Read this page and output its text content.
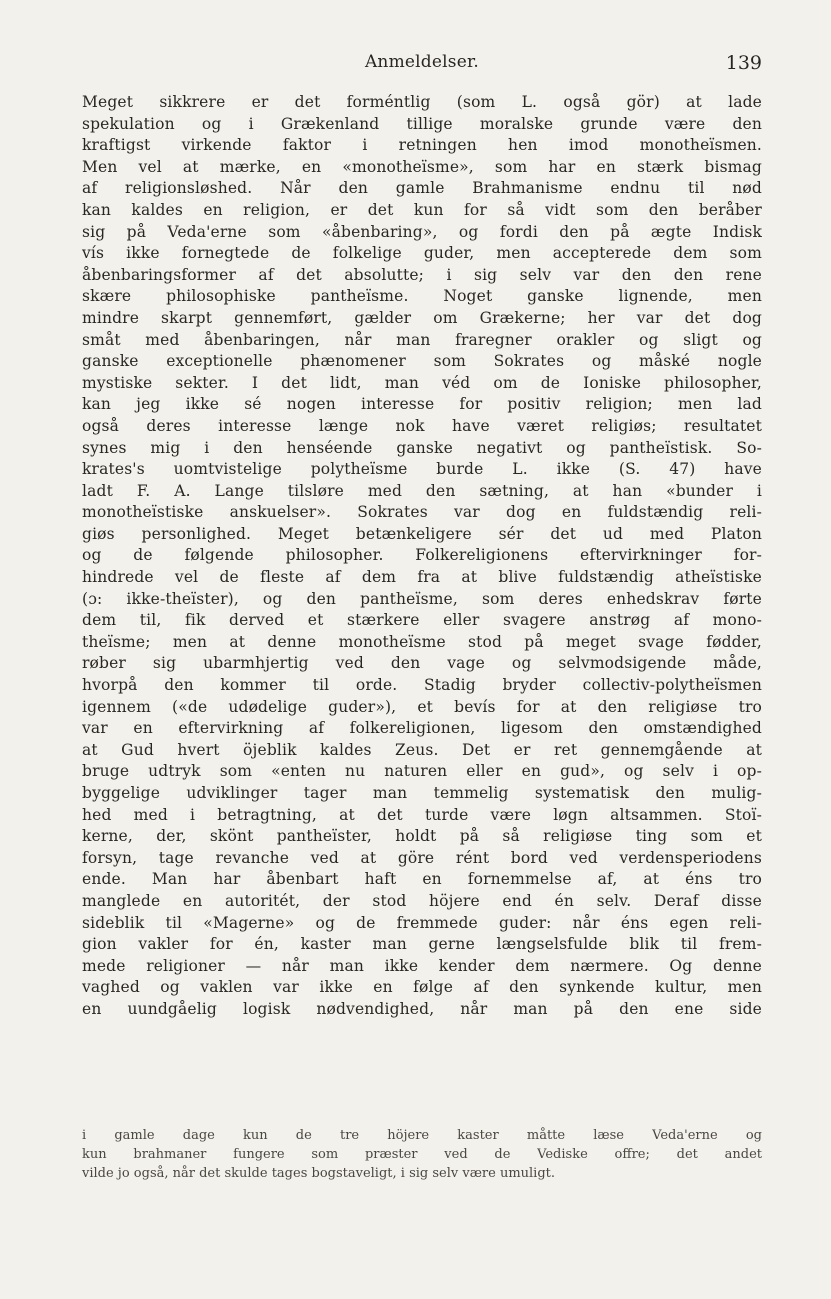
Anmeldelser.	139
Meget sikkrere er det forméntlig (som L. også gör) at lade
spekulation og i Grækenland tillige moralske grunde være den
kraftigst virkende faktor i retningen hen imod monotheïsmen.
Men vel at mærke, en «monotheïsme», som har en stærk bismag
af religionsløshed. Når den gamle Brahmanisme endnu til nød
kan kaldes en religion, er det kun for så vidt som den beråber
sig på Veda'erne som «åbenbaring», og fordi den på ægte Indisk
vís ikke fornegtede de folkelige guder, men accepterede dem som
åbenbaringsformer af det absolutte; i sig selv var den den rene
skære philosophiske pantheïsme. Noget ganske lignende, men
mindre skarpt gennemført, gælder om Grækerne; her var det dog
småt med åbenbaringen, når man fraregner orakler og sligt og
ganske exceptionelle phænomener som Sokrates og måské nogle
mystiske sekter. I det lidt, man véd om de Ioniske philosopher,
kan jeg ikke sé nogen interesse for positiv religion; men lad
også deres interesse længe nok have været religiøs; resultatet
synes mig i den henséende ganske negativt og pantheïstisk. So-
krates's uomtvistelige polytheïsme burde L. ikke (S. 47) have
ladt F. A. Lange tilsløre med den sætning, at han «bunder i
monotheïstiske anskuelser». Sokrates var dog en fuldstændig reli-
giøs personlighed. Meget betænkeligere sér det ud med Platon
og de følgende philosopher. Folkereligionens eftervirkninger for-
hindrede vel de fleste af dem fra at blive fuldstændig atheïstiske
(ɔ: ikke-theïster), og den pantheïsme, som deres enhedskrav førte
dem til, fik derved et stærkere eller svagere anstrøg af mono-
theïsme; men at denne monotheïsme stod på meget svage fødder,
røber sig ubarmhjertig ved den vage og selvmodsigende måde,
hvorpå den kommer til orde. Stadig bryder collectiv-polytheïsmen
igennem («de udødelige guder»), et bevís for at den religiøse tro
var en eftervirkning af folkereligionen, ligesom den omstændighed
at Gud hvert öjeblik kaldes Zeus. Det er ret gennemgående at
bruge udtryk som «enten nu naturen eller en gud», og selv i op-
byggelige udviklinger tager man temmelig systematisk den mulig-
hed med i betragtning, at det turde være løgn altsammen. Stoï-
kerne, der, skönt pantheïster, holdt på så religiøse ting som et
forsyn, tage revanche ved at göre rént bord ved verdensperiodens
ende. Man har åbenbart haft en fornemmelse af, at éns tro
manglede en autoritét, der stod höjere end én selv. Deraf disse
sideblik til «Magerne» og de fremmede guder: når éns egen reli-
gion vakler for én, kaster man gerne længselsfulde blik til frem-
mede religioner — når man ikke kender dem nærmere. Og denne
vaghed og vaklen var ikke en følge af den synkende kultur, men
en uundgåelig logisk nødvendighed, når man på den ene side
i gamle dage kun de tre höjere kaster måtte læse Veda'erne og
kun brahmaner fungere som præster ved de Vediske offre; det andet
vilde jo også, når det skulde tages bogstaveligt, i sig selv være umuligt.
